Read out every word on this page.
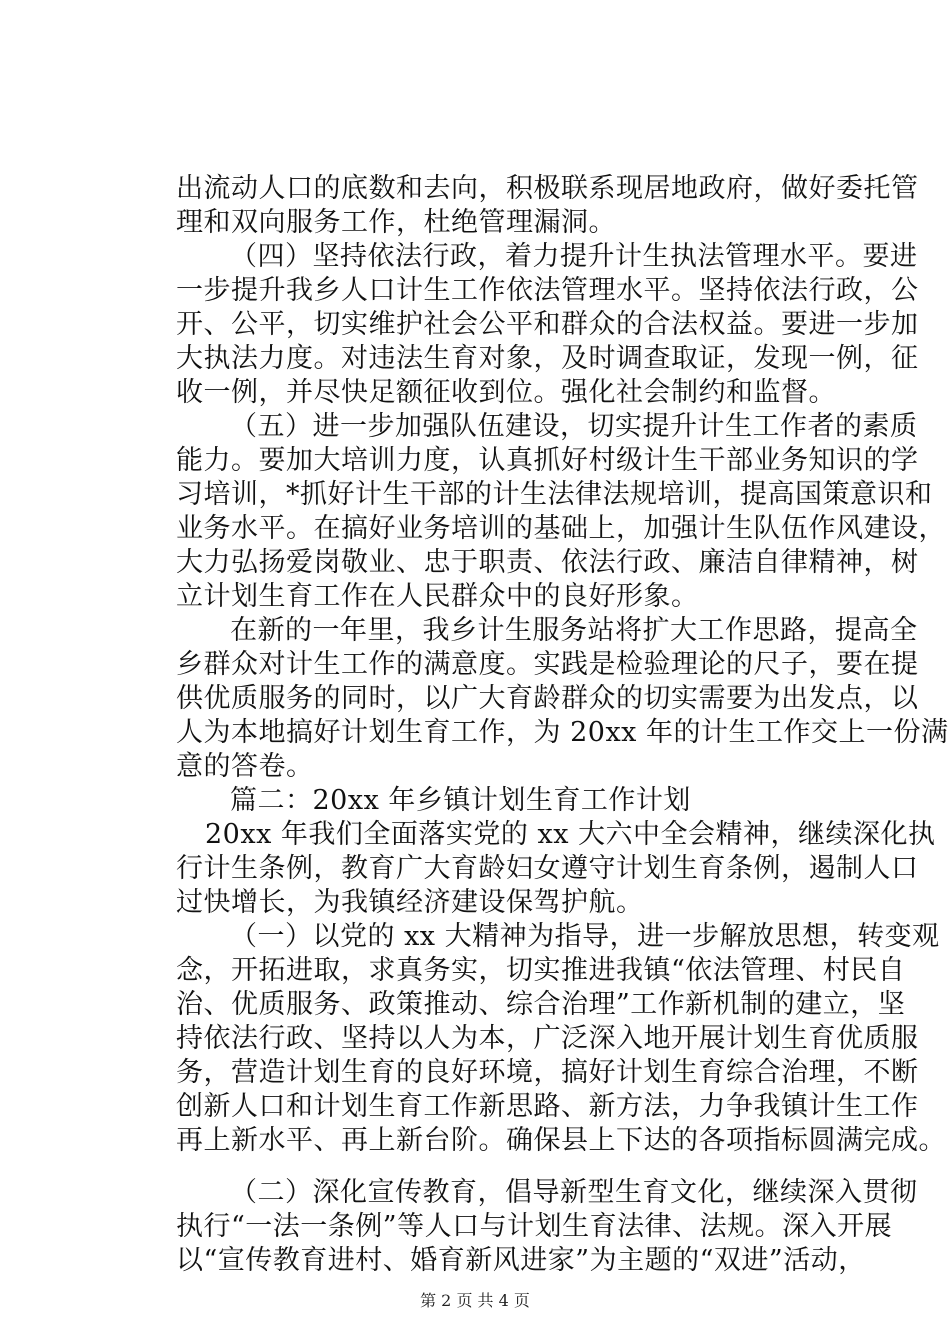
出流动人口的底数和去向，积极联系现居地政府，做好委托管
理和双向服务工作，杜绝管理漏洞。
（四）坚持依法行政，着力提升计生执法管理水平。要进
一步提升我乡人口计生工作依法管理水平。坚持依法行政，公
开、公平，切实维护社会公平和群众的合法权益。要进一步加
大执法力度。对违法生育对象，及时调查取证，发现一例，征
收一例，并尽快足额征收到位。强化社会制约和监督。
（五）进一步加强队伍建设，切实提升计生工作者的素质
能力。要加大培训力度，认真抓好村级计生干部业务知识的学
习培训，*抓好计生干部的计生法律法规培训，提高国策意识和
业务水平。在搞好业务培训的基础上，加强计生队伍作风建设，
大力弘扬爱岗敬业、忠于职责、依法行政、廉洁自律精神，树
立计划生育工作在人民群众中的良好形象。
在新的一年里，我乡计生服务站将扩大工作思路，提高全
乡群众对计生工作的满意度。实践是检验理论的尺子，要在提
供优质服务的同时，以广大育龄群众的切实需要为出发点，以
人为本地搞好计划生育工作，为 20xx 年的计生工作交上一份满
意的答卷。
篇二：20xx 年乡镇计划生育工作计划
20xx 年我们全面落实党的 xx 大六中全会精神，继续深化执
行计生条例，教育广大育龄妇女遵守计划生育条例，遏制人口
过快增长，为我镇经济建设保驾护航。
（一）以党的 xx 大精神为指导，进一步解放思想，转变观
念，开拓进取，求真务实，切实推进我镇“依法管理、村民自
治、优质服务、政策推动、综合治理”工作新机制的建立，坚
持依法行政、坚持以人为本，广泛深入地开展计划生育优质服
务，营造计划生育的良好环境，搞好计划生育综合治理，不断
创新人口和计划生育工作新思路、新方法，力争我镇计生工作
再上新水平、再上新台阶。确保县上下达的各项指标圆满完成。
（二）深化宣传教育，倡导新型生育文化，继续深入贯彻
执行“一法一条例”等人口与计划生育法律、法规。深入开展
以“宣传教育进村、婚育新风进家”为主题的“双进”活动，
第 2 页 共 4 页
